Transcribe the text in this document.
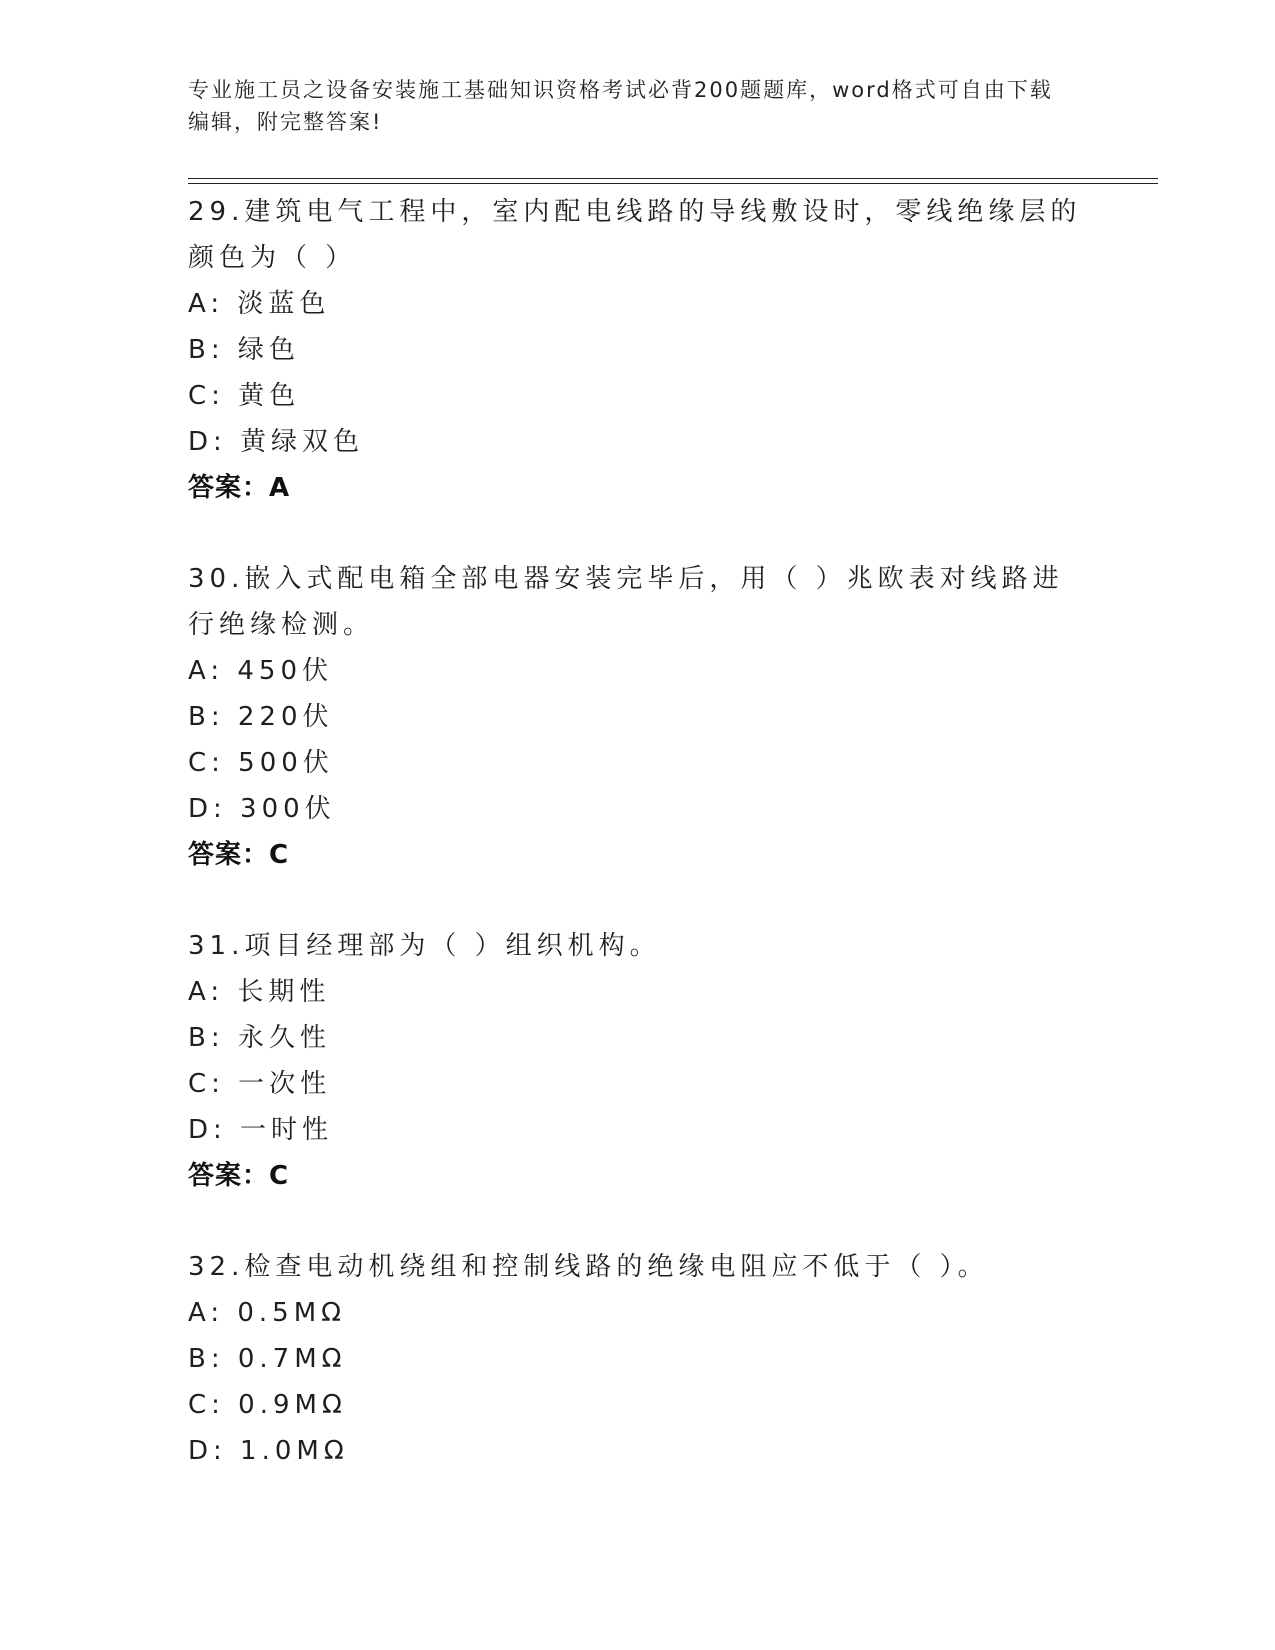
专业施工员之设备安装施工基础知识资格考试必背200题题库，word格式可自由下载编辑，附完整答案!
29.建筑电气工程中，室内配电线路的导线敷设时，零线绝缘层的颜色为（ ）
A: 淡蓝色
B: 绿色
C: 黄色
D: 黄绿双色
答案：A
30.嵌入式配电箱全部电器安装完毕后，用（ ）兆欧表对线路进行绝缘检测。
A: 450伏
B: 220伏
C: 500伏
D: 300伏
答案：C
31.项目经理部为（ ）组织机构。
A: 长期性
B: 永久性
C: 一次性
D: 一时性
答案：C
32.检查电动机绕组和控制线路的绝缘电阻应不低于（ ）。
A: 0.5MΩ
B: 0.7MΩ
C: 0.9MΩ
D: 1.0MΩ
